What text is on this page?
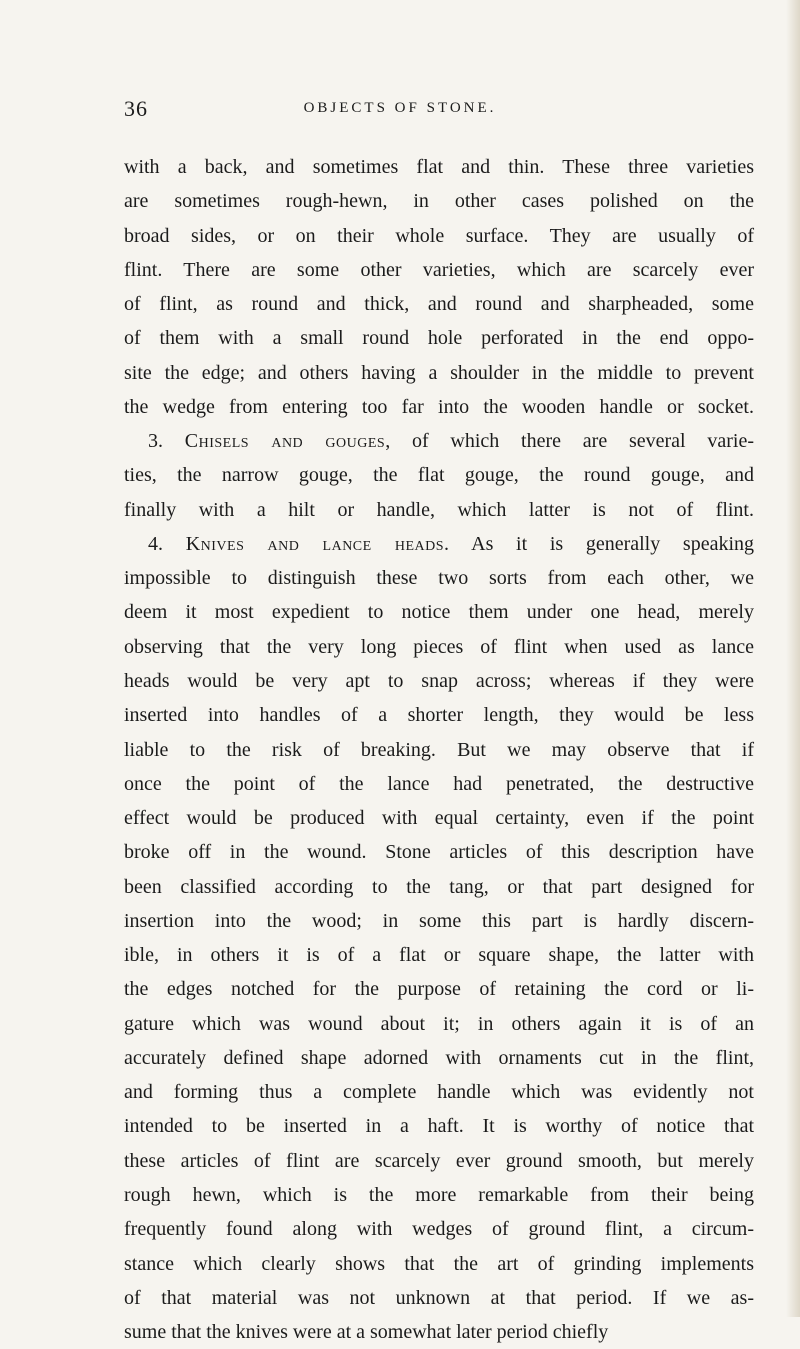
36	OBJECTS OF STONE.
with a back, and sometimes flat and thin. These three varieties
are sometimes rough-hewn, in other cases polished on the
broad sides, or on their whole surface. They are usually of
flint. There are some other varieties, which are scarcely ever
of flint, as round and thick, and round and sharpheaded, some
of them with a small round hole perforated in the end oppo-
site the edge; and others having a shoulder in the middle to prevent
the wedge from entering too far into the wooden handle or socket.
3. Chisels and gouges, of which there are several varie-
ties, the narrow gouge, the flat gouge, the round gouge, and
finally with a hilt or handle, which latter is not of flint.
4. Knives and lance heads. As it is generally speaking
impossible to distinguish these two sorts from each other, we
deem it most expedient to notice them under one head, merely
observing that the very long pieces of flint when used as lance
heads would be very apt to snap across; whereas if they were
inserted into handles of a shorter length, they would be less
liable to the risk of breaking. But we may observe that if
once the point of the lance had penetrated, the destructive
effect would be produced with equal certainty, even if the point
broke off in the wound. Stone articles of this description have
been classified according to the tang, or that part designed for
insertion into the wood; in some this part is hardly discern-
ible, in others it is of a flat or square shape, the latter with
the edges notched for the purpose of retaining the cord or li-
gature which was wound about it; in others again it is of an
accurately defined shape adorned with ornaments cut in the flint,
and forming thus a complete handle which was evidently not
intended to be inserted in a haft. It is worthy of notice that
these articles of flint are scarcely ever ground smooth, but merely
rough hewn, which is the more remarkable from their being
frequently found along with wedges of ground flint, a circum-
stance which clearly shows that the art of grinding implements
of that material was not unknown at that period. If we as-
sume that the knives were at a somewhat later period chiefly
